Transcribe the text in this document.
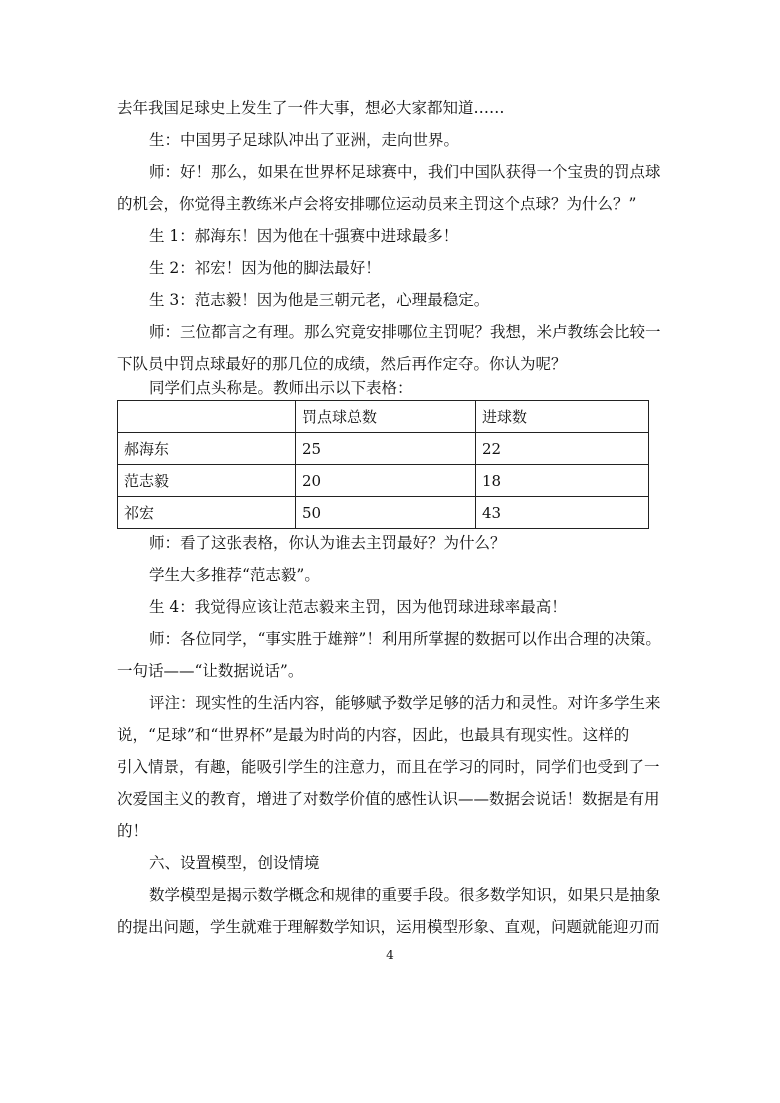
去年我国足球史上发生了一件大事，想必大家都知道……
生：中国男子足球队冲出了亚洲，走向世界。
师：好！那么，如果在世界杯足球赛中，我们中国队获得一个宝贵的罚点球
的机会，你觉得主教练米卢会将安排哪位运动员来主罚这个点球？为什么？”
生 1：郝海东！因为他在十强赛中进球最多！
生 2：祁宏！因为他的脚法最好！
生 3：范志毅！因为他是三朝元老，心理最稳定。
师：三位都言之有理。那么究竟安排哪位主罚呢？我想，米卢教练会比较一
下队员中罚点球最好的那几位的成绩，然后再作定夺。你认为呢？
同学们点头称是。教师出示以下表格：
	罚点球总数	进球数
郝海东	25	22
范志毅	20	18
祁宏	50	43
师：看了这张表格，你认为谁去主罚最好？为什么？
学生大多推荐“范志毅”。
生 4：我觉得应该让范志毅来主罚，因为他罚球进球率最高！
师：各位同学，“事实胜于雄辩”！利用所掌握的数据可以作出合理的决策。
一句话——“让数据说话”。
评注：现实性的生活内容，能够赋予数学足够的活力和灵性。对许多学生来
说，“足球”和“世界杯”是最为时尚的内容，因此，也最具有现实性。这样的
引入情景，有趣，能吸引学生的注意力，而且在学习的同时，同学们也受到了一
次爱国主义的教育，增进了对数学价值的感性认识——数据会说话！数据是有用
的！
六、设置模型，创设情境
数学模型是揭示数学概念和规律的重要手段。很多数学知识，如果只是抽象
的提出问题，学生就难于理解数学知识，运用模型形象、直观，问题就能迎刃而
4
